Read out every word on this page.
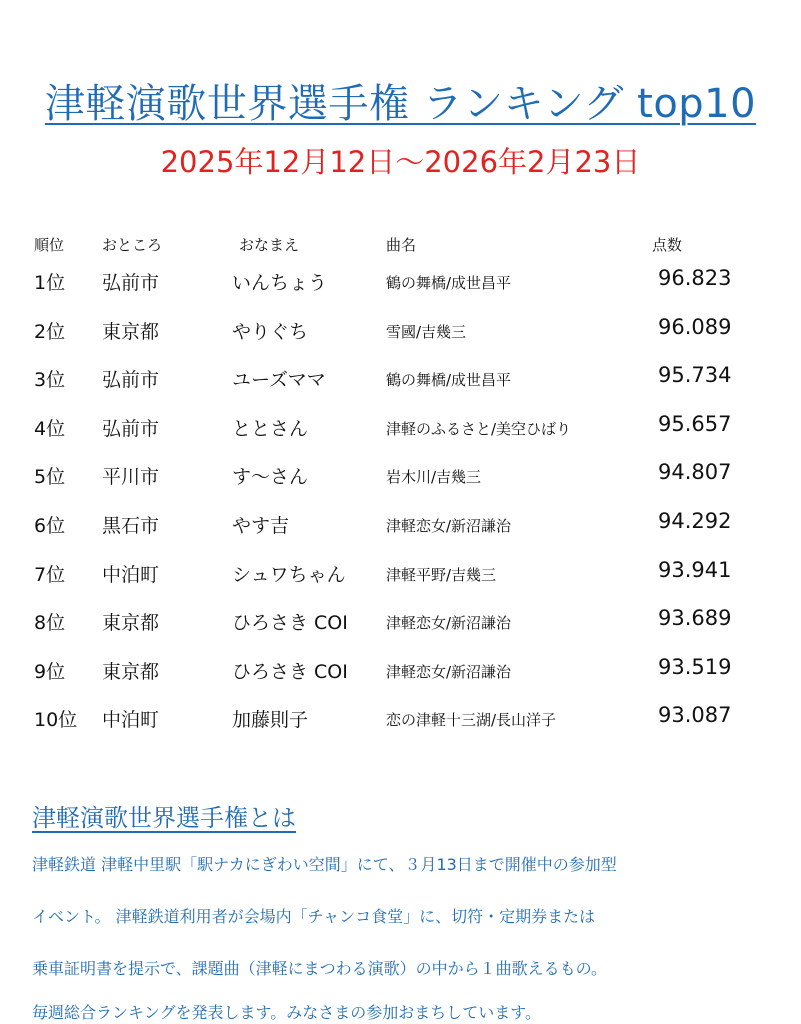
津軽演歌世界選手権 ランキング top10
2025年12月12日～2026年2月23日
順位	おところ	おなまえ	曲名	点数
1位 弘前市	いんちょう	鶴の舞橋/成世昌平	96.823
2位 東京都	やりぐち	雪國/吉幾三	96.089
3位 弘前市	ユーズママ	鶴の舞橋/成世昌平	95.734
4位 弘前市	ととさん	津軽のふるさと/美空ひばり	95.657
5位 平川市	す～さん	岩木川/吉幾三	94.807
6位 黒石市	やす吉	津軽恋女/新沼謙治	94.292
7位 中泊町	シュワちゃん	津軽平野/吉幾三	93.941
8位 東京都	ひろさき COI	津軽恋女/新沼謙治	93.689
9位 東京都	ひろさき COI	津軽恋女/新沼謙治	93.519
10位 中泊町	加藤則子	恋の津軽十三湖/長山洋子	93.087
津軽演歌世界選手権とは
津軽鉄道 津軽中里駅「駅ナカにぎわい空間」にて、３月13日まで開催中の参加型
イベント。 津軽鉄道利用者が会場内「チャンコ食堂」に、切符・定期券または
乗車証明書を提示で、課題曲（津軽にまつわる演歌）の中から１曲歌えるもの。
毎週総合ランキングを発表します。みなさまの参加おまちしています。
